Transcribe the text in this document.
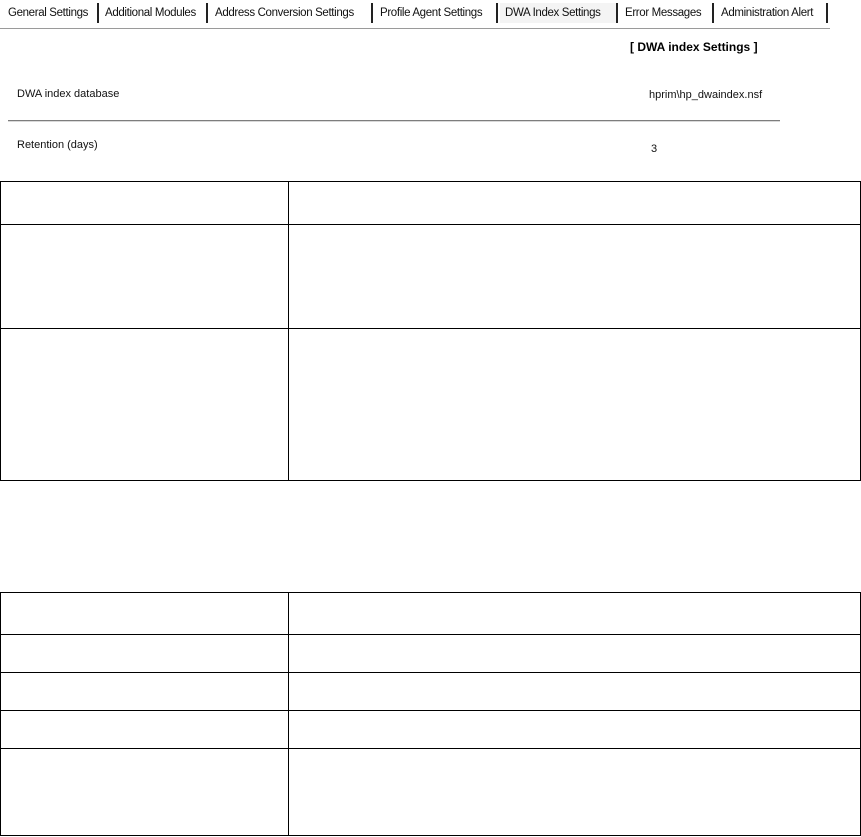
General Settings	Additional Modules	Address Conversion Settings	Profile Agent Settings	DWA Index Settings	Error Messages	Administration Alert
[ DWA index Settings ]
DWA index database	hprim\hp_dwaindex.nsf
Retention (days)	3
